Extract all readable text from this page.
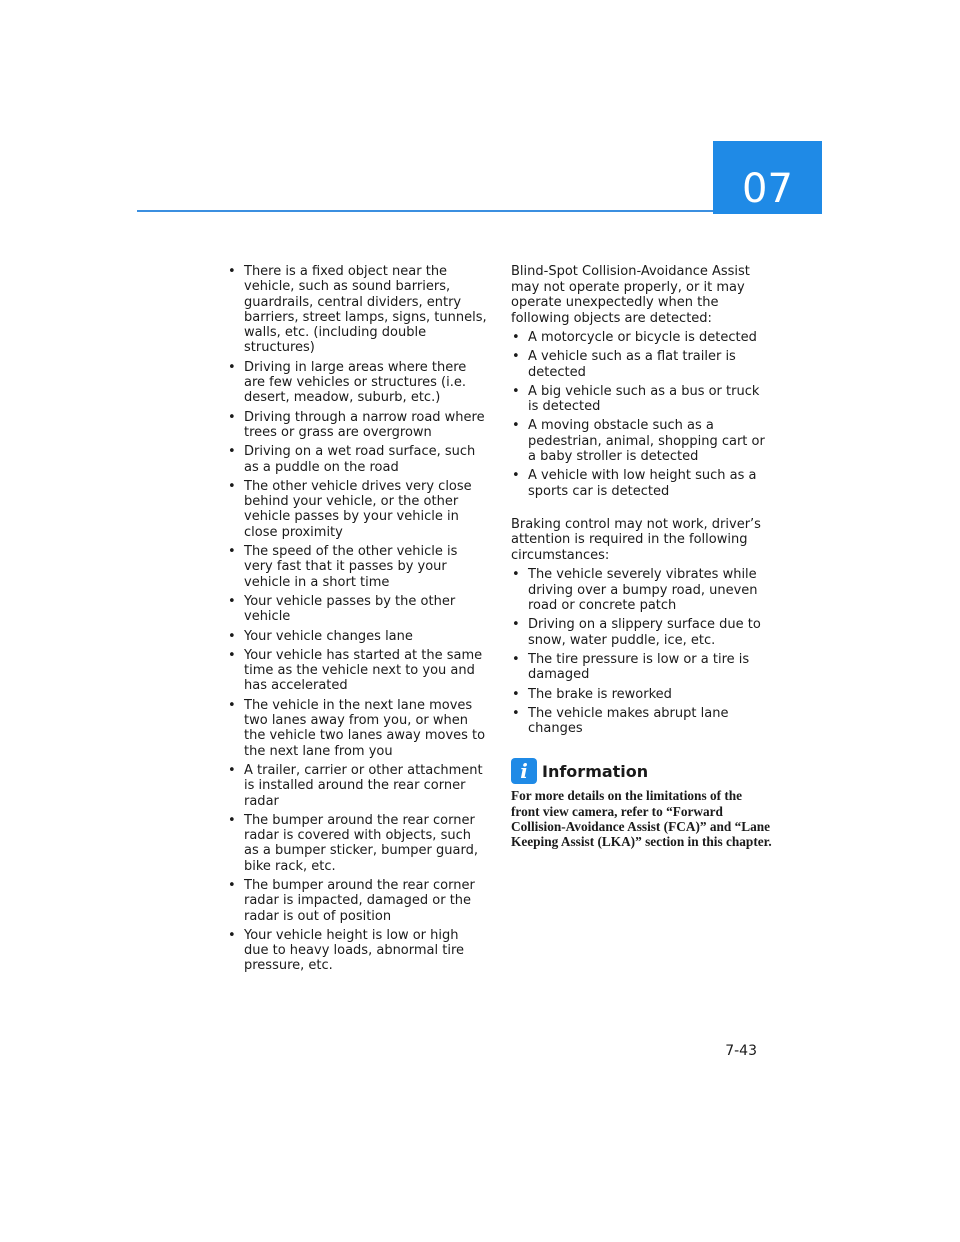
07
• There is a fixed object near the vehicle, such as sound barriers, guardrails, central dividers, entry barriers, street lamps, signs, tunnels, walls, etc. (including double structures)
• Driving in large areas where there are few vehicles or structures (i.e. desert, meadow, suburb, etc.)
• Driving through a narrow road where trees or grass are overgrown
• Driving on a wet road surface, such as a puddle on the road
• The other vehicle drives very close behind your vehicle, or the other vehicle passes by your vehicle in close proximity
• The speed of the other vehicle is very fast that it passes by your vehicle in a short time
• Your vehicle passes by the other vehicle
• Your vehicle changes lane
• Your vehicle has started at the same time as the vehicle next to you and has accelerated
• The vehicle in the next lane moves two lanes away from you, or when the vehicle two lanes away moves to the next lane from you
• A trailer, carrier or other attachment is installed around the rear corner radar
• The bumper around the rear corner radar is covered with objects, such as a bumper sticker, bumper guard, bike rack, etc.
• The bumper around the rear corner radar is impacted, damaged or the radar is out of position
• Your vehicle height is low or high due to heavy loads, abnormal tire pressure, etc.

Blind-Spot Collision-Avoidance Assist may not operate properly, or it may operate unexpectedly when the following objects are detected:

• A motorcycle or bicycle is detected
• A vehicle such as a flat trailer is detected
• A big vehicle such as a bus or truck is detected
• A moving obstacle such as a pedestrian, animal, shopping cart or a baby stroller is detected
• A vehicle with low height such as a sports car is detected

Braking control may not work, driver’s attention is required in the following circumstances:

• The vehicle severely vibrates while driving over a bumpy road, uneven road or concrete patch
• Driving on a slippery surface due to snow, water puddle, ice, etc.
• The tire pressure is low or a tire is damaged
• The brake is reworked
• The vehicle makes abrupt lane changes
i Information
For more details on the limitations of the front view camera, refer to “Forward Collision-Avoidance Assist (FCA)” and “Lane Keeping Assist (LKA)” section in this chapter.
7-43
